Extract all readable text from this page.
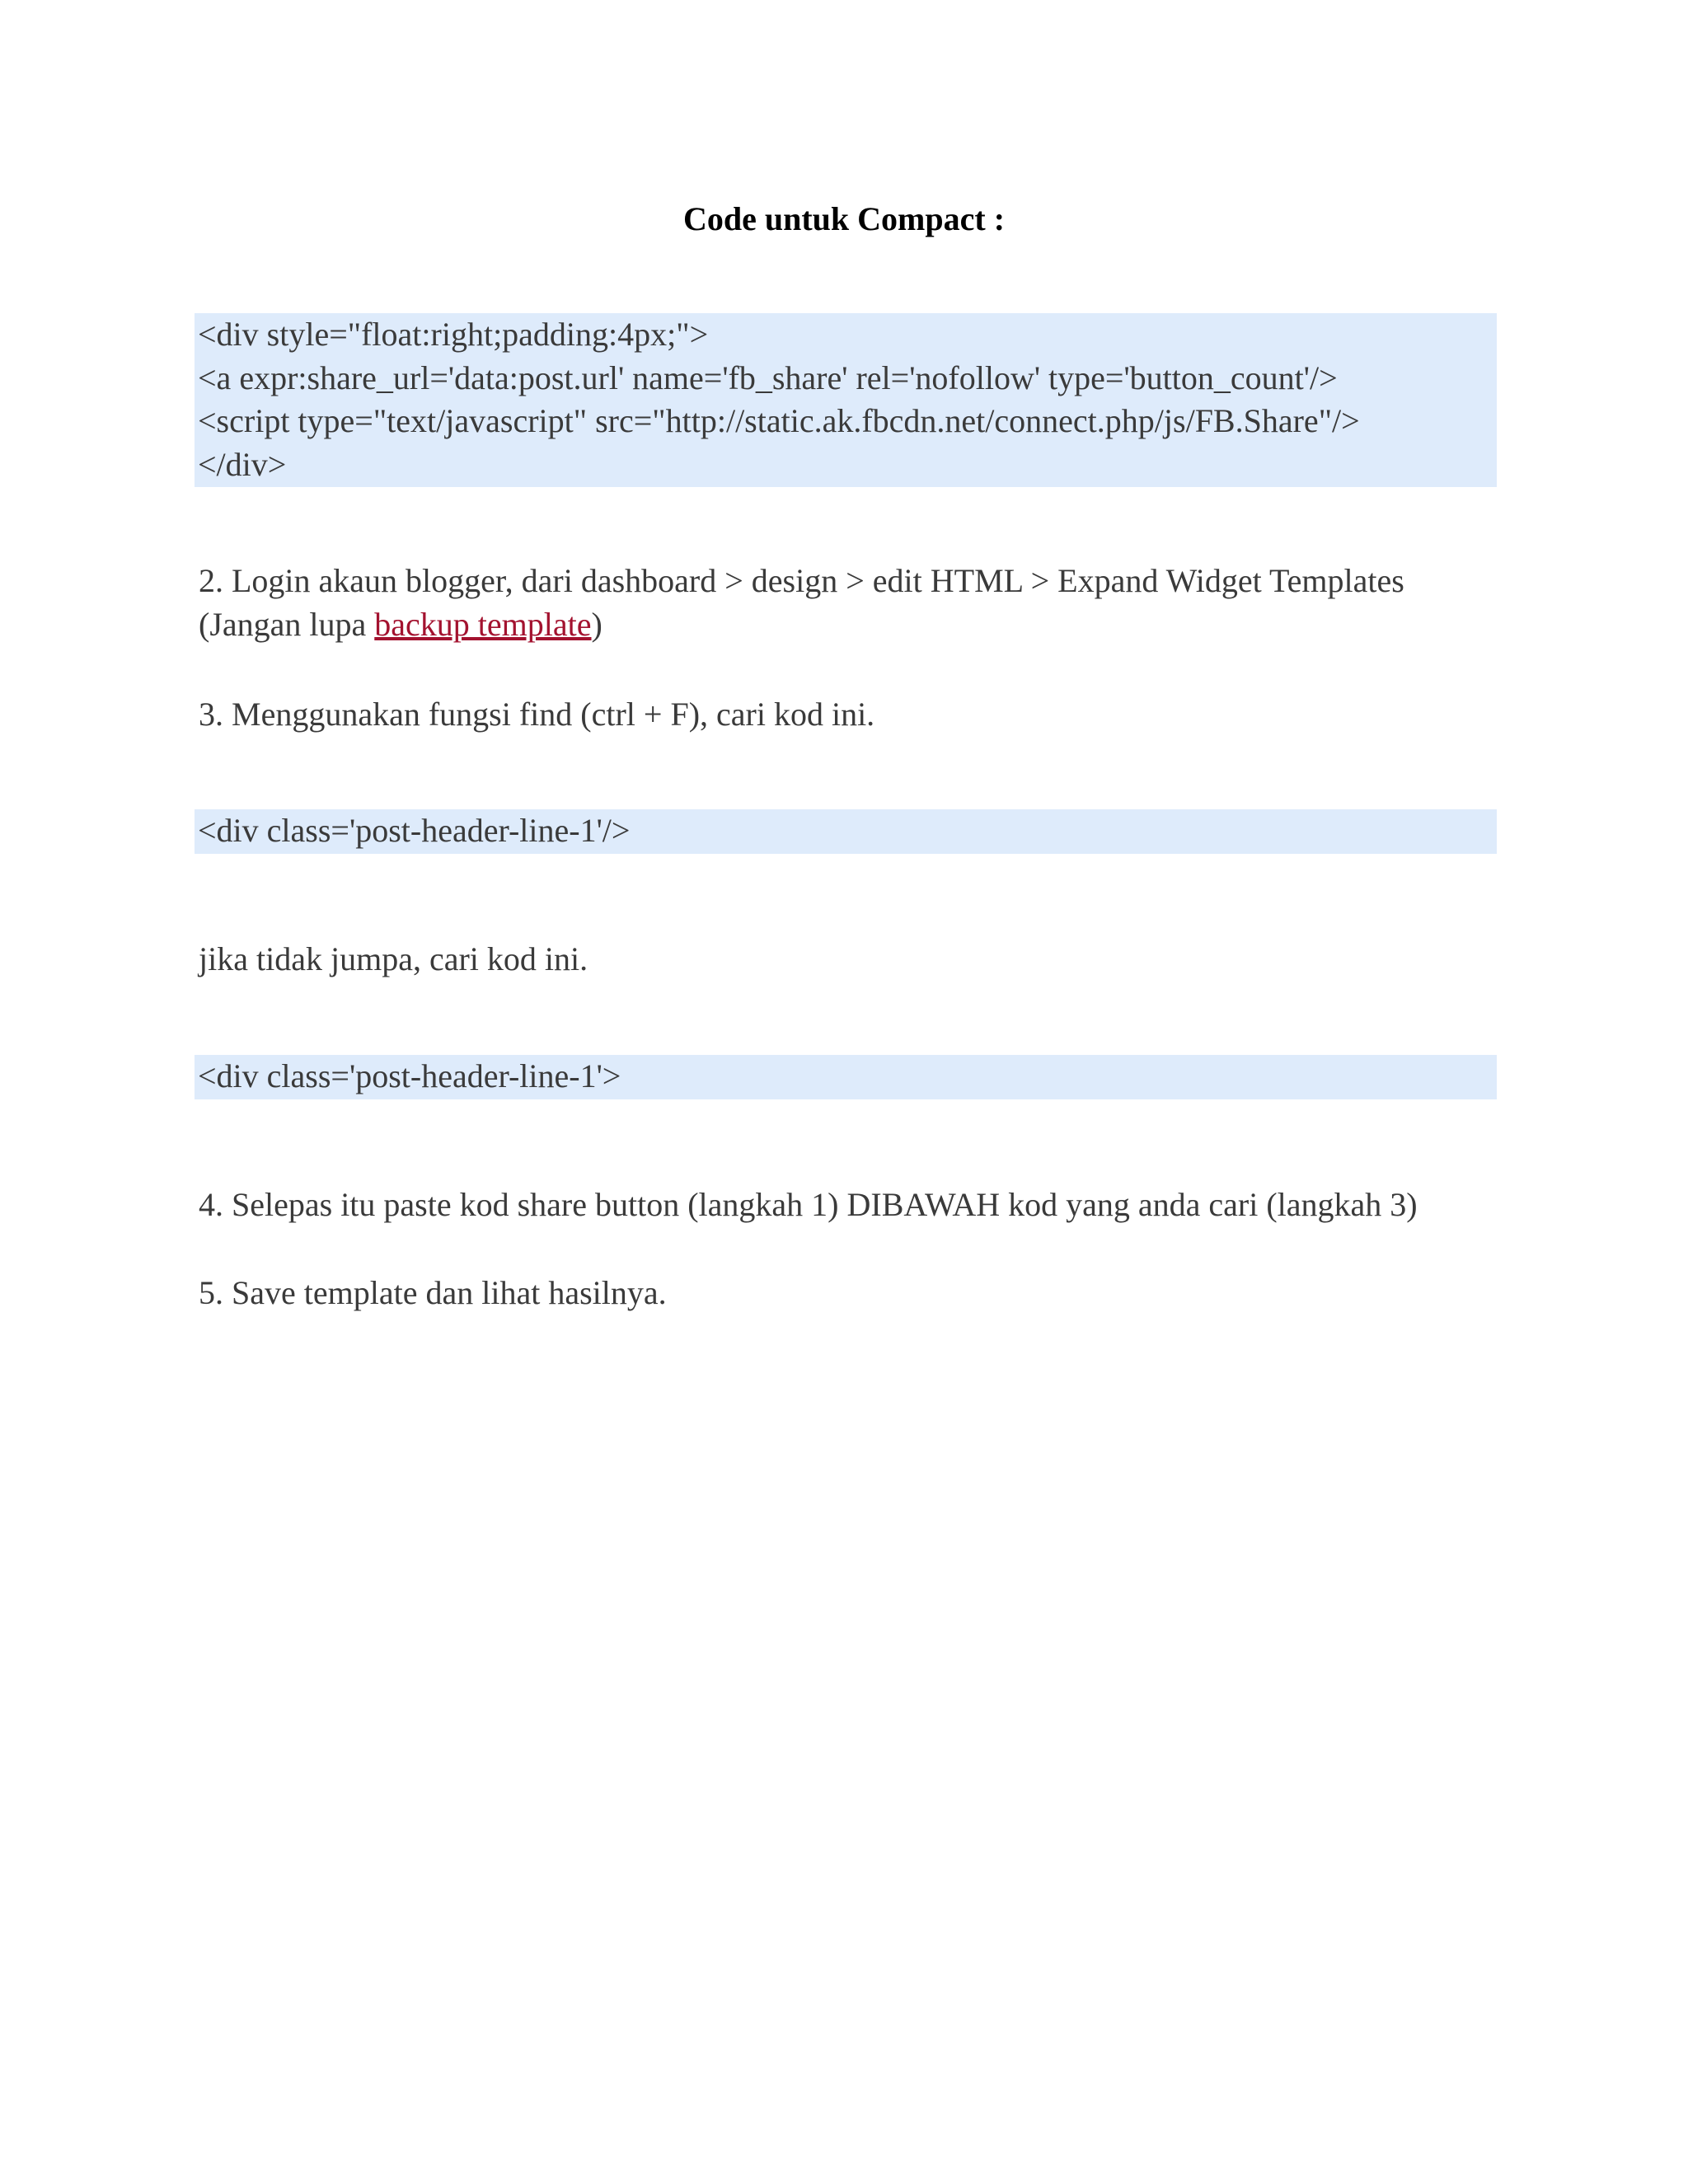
Code untuk Compact :
<div style="float:right;padding:4px;">
<a expr:share_url='data:post.url' name='fb_share' rel='nofollow' type='button_count'/>
<script type="text/javascript" src="http://static.ak.fbcdn.net/connect.php/js/FB.Share"/>
</div>
2. Login akaun blogger, dari dashboard > design > edit HTML > Expand Widget Templates
(Jangan lupa backup template)
3. Menggunakan fungsi find (ctrl + F), cari kod ini.
<div class='post-header-line-1'/>
jika tidak jumpa, cari kod ini.
<div class='post-header-line-1'>
4. Selepas itu paste kod share button (langkah 1) DIBAWAH kod yang anda cari (langkah 3)
5. Save template dan lihat hasilnya.
